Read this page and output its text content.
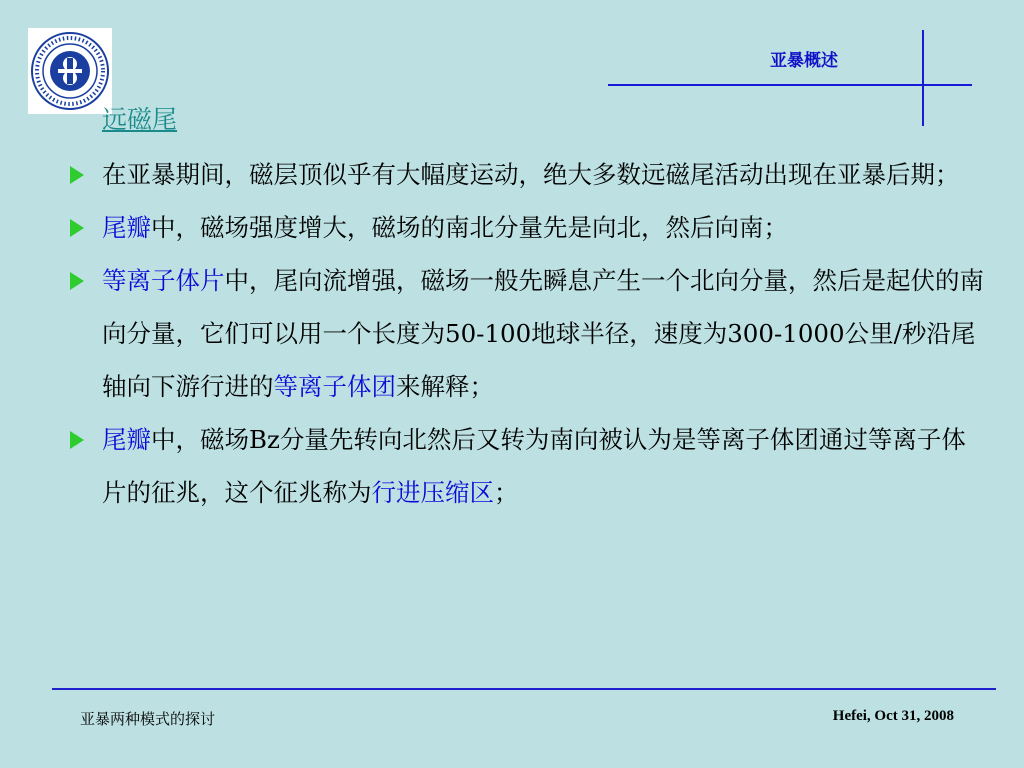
亚暴概述
远磁尾

在亚暴期间，磁层顶似乎有大幅度运动，绝大多数远磁尾活动出现在亚暴后期；

尾瓣中，磁场强度增大，磁场的南北分量先是向北，然后向南；

等离子体片中，尾向流增强，磁场一般先瞬息产生一个北向分量，然后是起伏的南向分量，它们可以用一个长度为50-100地球半径，速度为300-1000公里/秒沿尾轴向下游行进的等离子体团来解释；

尾瓣中，磁场Bz分量先转向北然后又转为南向被认为是等离子体团通过等离子体片的征兆，这个征兆称为行进压缩区；

亚暴两种模式的探讨	Hefei, Oct 31, 2008
